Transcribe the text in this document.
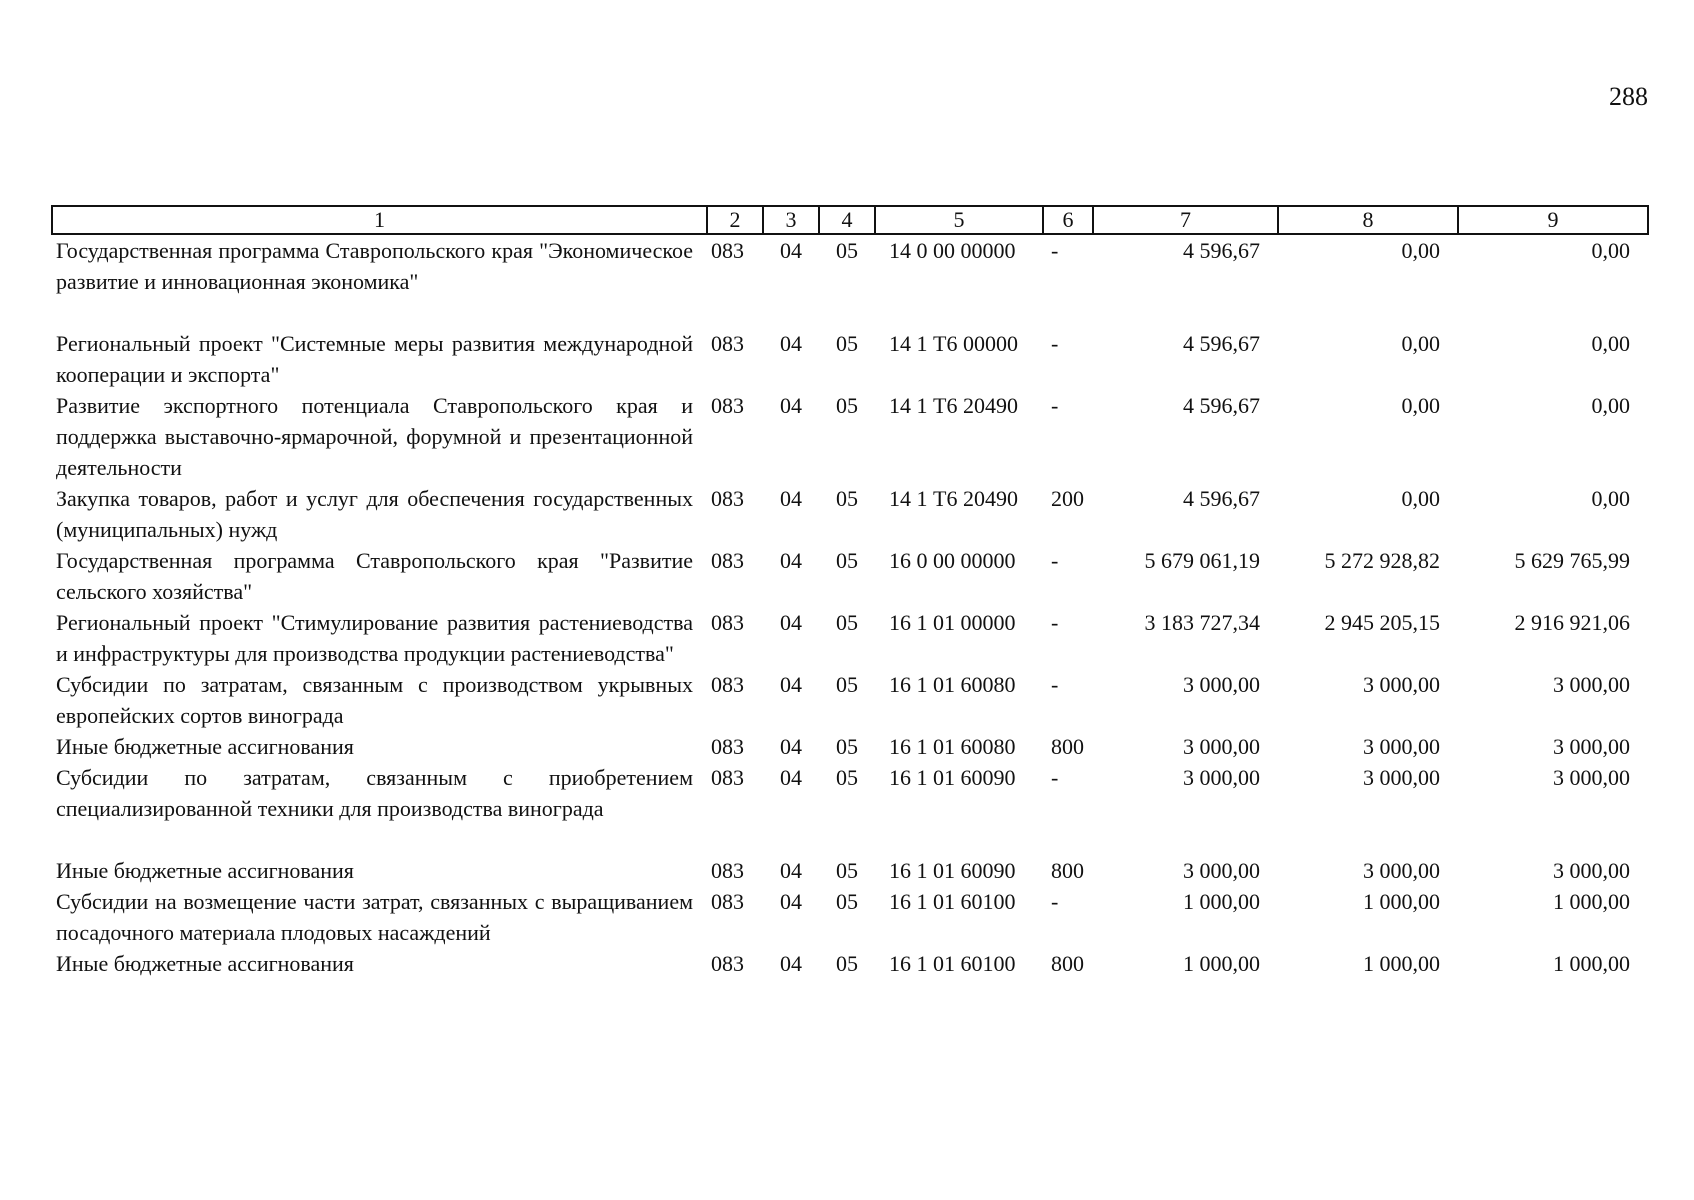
288
1	2	3	4	5	6	7	8	9
Государственная программа Ставропольского края "Экономическое развитие и инновационная экономика"	083	04	05	14 0 00 00000	-	4 596,67	0,00	0,00
Региональный проект "Системные меры развития международной кооперации и экспорта"	083	04	05	14 1 Т6 00000	-	4 596,67	0,00	0,00
Развитие экспортного потенциала Ставропольского края и поддержка выставочно-ярмарочной, форумной и презентационной деятельности	083	04	05	14 1 Т6 20490	-	4 596,67	0,00	0,00
Закупка товаров, работ и услуг для обеспечения государственных (муниципальных) нужд	083	04	05	14 1 Т6 20490	200	4 596,67	0,00	0,00
Государственная программа Ставропольского края "Развитие сельского хозяйства"	083	04	05	16 0 00 00000	-	5 679 061,19	5 272 928,82	5 629 765,99
Региональный проект "Стимулирование развития растениеводства и инфраструктуры для производства продукции растениеводства"	083	04	05	16 1 01 00000	-	3 183 727,34	2 945 205,15	2 916 921,06
Субсидии по затратам, связанным с производством укрывных европейских сортов винограда	083	04	05	16 1 01 60080	-	3 000,00	3 000,00	3 000,00
Иные бюджетные ассигнования	083	04	05	16 1 01 60080	800	3 000,00	3 000,00	3 000,00
Субсидии по затратам, связанным с приобретением специализированной техники для производства винограда	083	04	05	16 1 01 60090	-	3 000,00	3 000,00	3 000,00
Иные бюджетные ассигнования	083	04	05	16 1 01 60090	800	3 000,00	3 000,00	3 000,00
Субсидии на возмещение части затрат, связанных с выращиванием посадочного материала плодовых насаждений	083	04	05	16 1 01 60100	-	1 000,00	1 000,00	1 000,00
Иные бюджетные ассигнования	083	04	05	16 1 01 60100	800	1 000,00	1 000,00	1 000,00
